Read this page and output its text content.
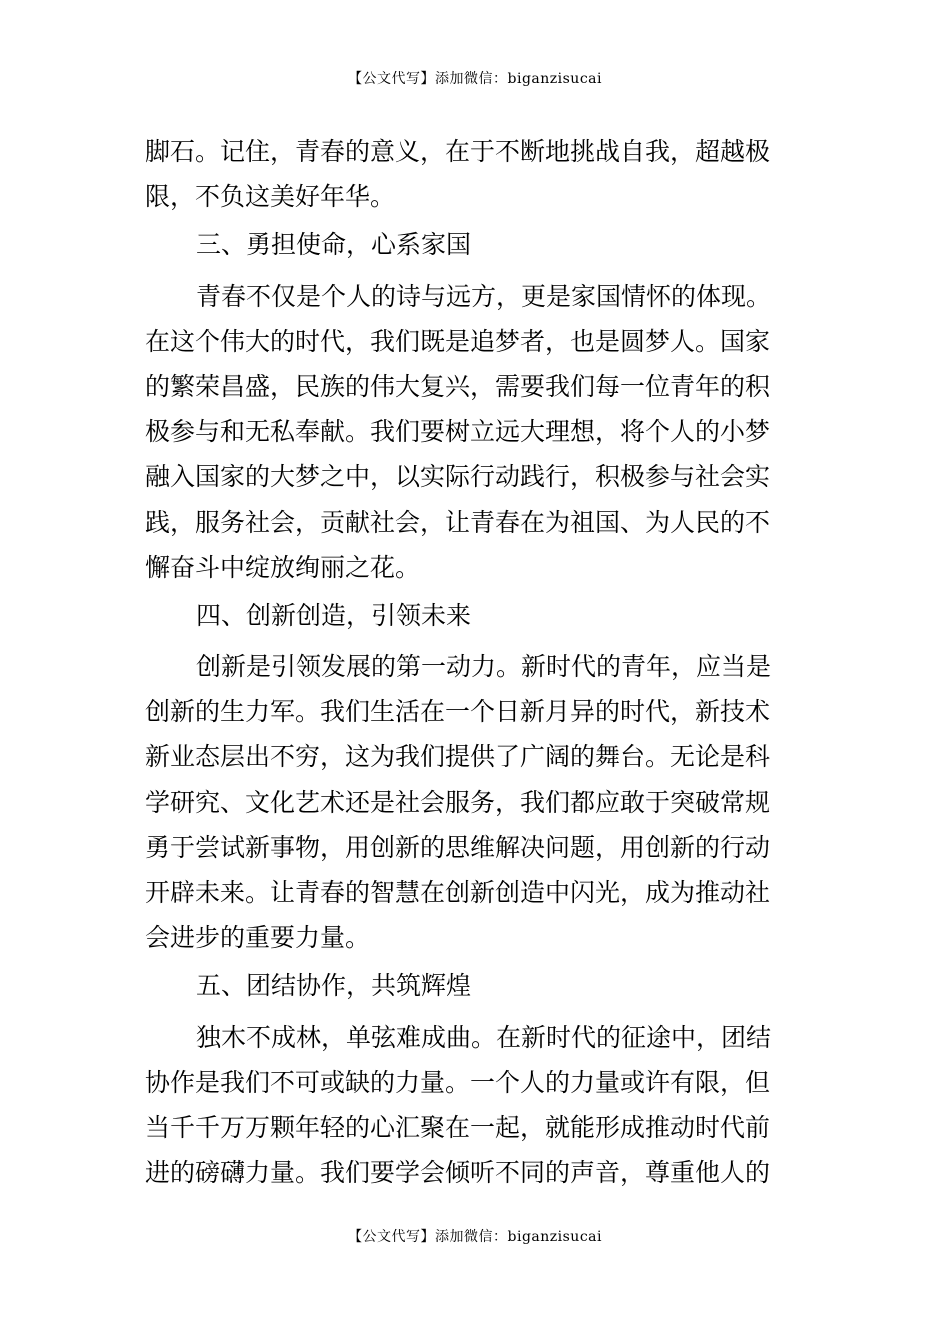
【公文代写】添加微信：biganzisucai
脚石。记住，青春的意义，在于不断地挑战自我，超越极
限，不负这美好年华。
三、勇担使命，心系家国
青春不仅是个人的诗与远方，更是家国情怀的体现。
在这个伟大的时代，我们既是追梦者，也是圆梦人。国家
的繁荣昌盛，民族的伟大复兴，需要我们每一位青年的积
极参与和无私奉献。我们要树立远大理想，将个人的小梦
融入国家的大梦之中，以实际行动践行，积极参与社会实
践，服务社会，贡献社会，让青春在为祖国、为人民的不
懈奋斗中绽放绚丽之花。
四、创新创造，引领未来
创新是引领发展的第一动力。新时代的青年，应当是
创新的生力军。我们生活在一个日新月异的时代，新技术
新业态层出不穷，这为我们提供了广阔的舞台。无论是科
学研究、文化艺术还是社会服务，我们都应敢于突破常规
勇于尝试新事物，用创新的思维解决问题，用创新的行动
开辟未来。让青春的智慧在创新创造中闪光，成为推动社
会进步的重要力量。
五、团结协作，共筑辉煌
独木不成林，单弦难成曲。在新时代的征途中，团结
协作是我们不可或缺的力量。一个人的力量或许有限，但
当千千万万颗年轻的心汇聚在一起，就能形成推动时代前
进的磅礴力量。我们要学会倾听不同的声音，尊重他人的
【公文代写】添加微信：biganzisucai
